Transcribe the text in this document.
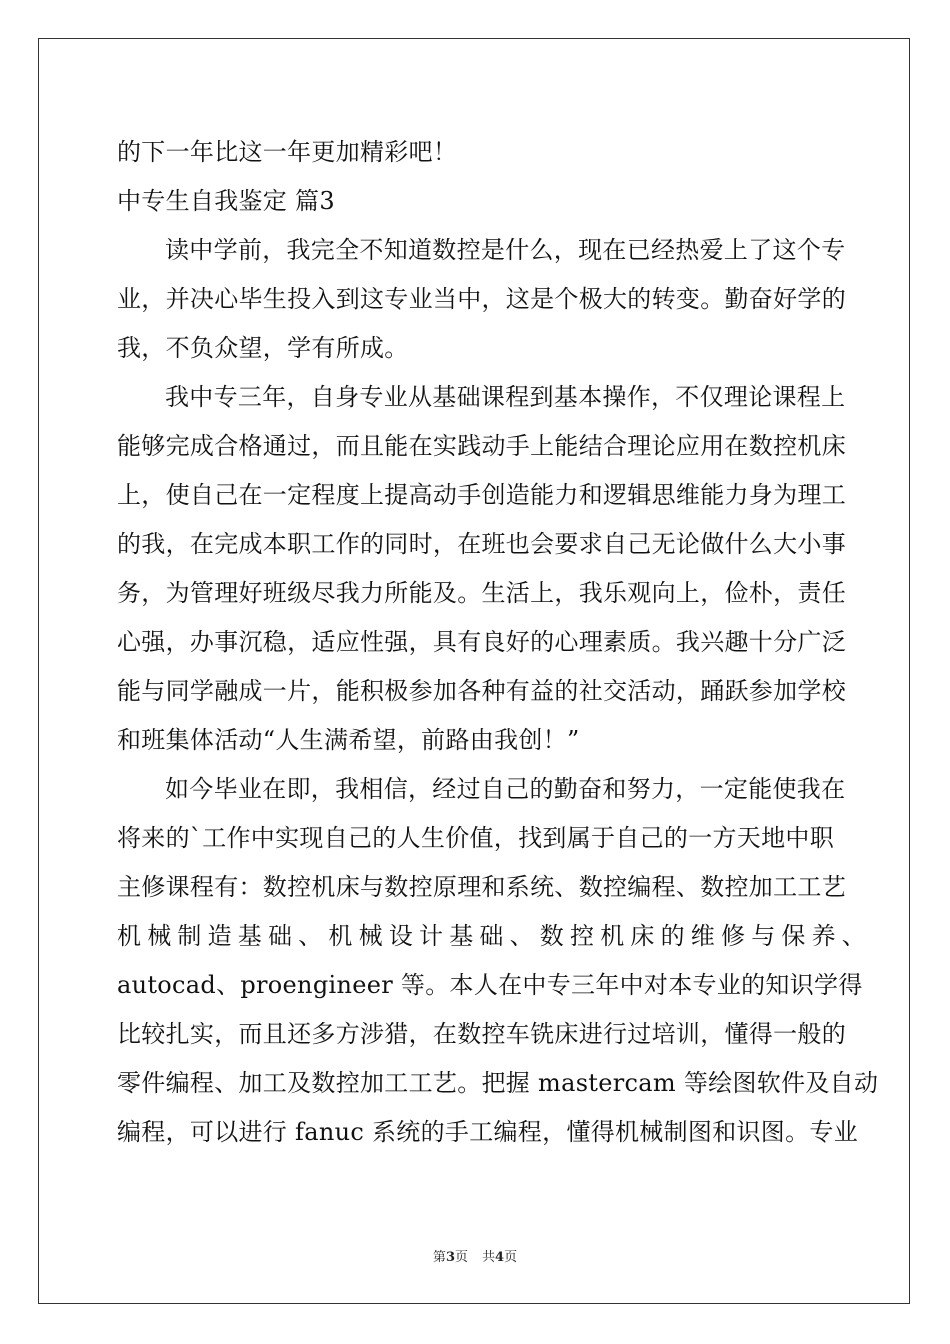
的下一年比这一年更加精彩吧！
中专生自我鉴定 篇3
读中学前，我完全不知道数控是什么，现在已经热爱上了这个专
业，并决心毕生投入到这专业当中，这是个极大的转变。勤奋好学的
我，不负众望，学有所成。
我中专三年，自身专业从基础课程到基本操作，不仅理论课程上
能够完成合格通过，而且能在实践动手上能结合理论应用在数控机床
上，使自己在一定程度上提高动手创造能力和逻辑思维能力身为理工
的我，在完成本职工作的同时，在班也会要求自己无论做什么大小事
务，为管理好班级尽我力所能及。生活上，我乐观向上，俭朴，责任
心强，办事沉稳，适应性强，具有良好的心理素质。我兴趣十分广泛
能与同学融成一片，能积极参加各种有益的社交活动，踊跃参加学校
和班集体活动“人生满希望，前路由我创！”
如今毕业在即，我相信，经过自己的勤奋和努力，一定能使我在
将来的`工作中实现自己的人生价值，找到属于自己的一方天地中职
主修课程有：数控机床与数控原理和系统、数控编程、数控加工工艺
机械制造基础、机械设计基础、数控机床的维修与保养、
autocad、proengineer 等。本人在中专三年中对本专业的知识学得
比较扎实，而且还多方涉猎，在数控车铣床进行过培训，懂得一般的
零件编程、加工及数控加工工艺。把握 mastercam 等绘图软件及自动
编程，可以进行 fanuc 系统的手工编程，懂得机械制图和识图。专业
第3页 共4页
